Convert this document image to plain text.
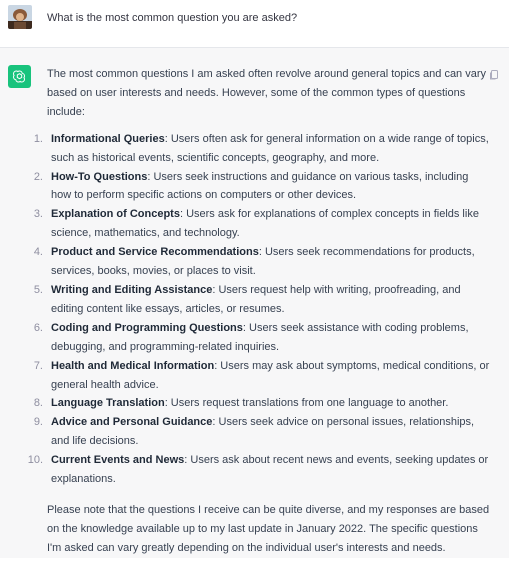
What is the most common question you are asked?

The most common questions I am asked often revolve around general topics and can vary based on user interests and needs. However, some of the common types of questions include:

1. Informational Queries: Users often ask for general information on a wide range of topics, such as historical events, scientific concepts, geography, and more.
2. How-To Questions: Users seek instructions and guidance on various tasks, including how to perform specific actions on computers or other devices.
3. Explanation of Concepts: Users ask for explanations of complex concepts in fields like science, mathematics, and technology.
4. Product and Service Recommendations: Users seek recommendations for products, services, books, movies, or places to visit.
5. Writing and Editing Assistance: Users request help with writing, proofreading, and editing content like essays, articles, or resumes.
6. Coding and Programming Questions: Users seek assistance with coding problems, debugging, and programming-related inquiries.
7. Health and Medical Information: Users may ask about symptoms, medical conditions, or general health advice.
8. Language Translation: Users request translations from one language to another.
9. Advice and Personal Guidance: Users seek advice on personal issues, relationships, and life decisions.
10. Current Events and News: Users ask about recent news and events, seeking updates or explanations.

Please note that the questions I receive can be quite diverse, and my responses are based on the knowledge available up to my last update in January 2022. The specific questions I'm asked can vary greatly depending on the individual user's interests and needs.
